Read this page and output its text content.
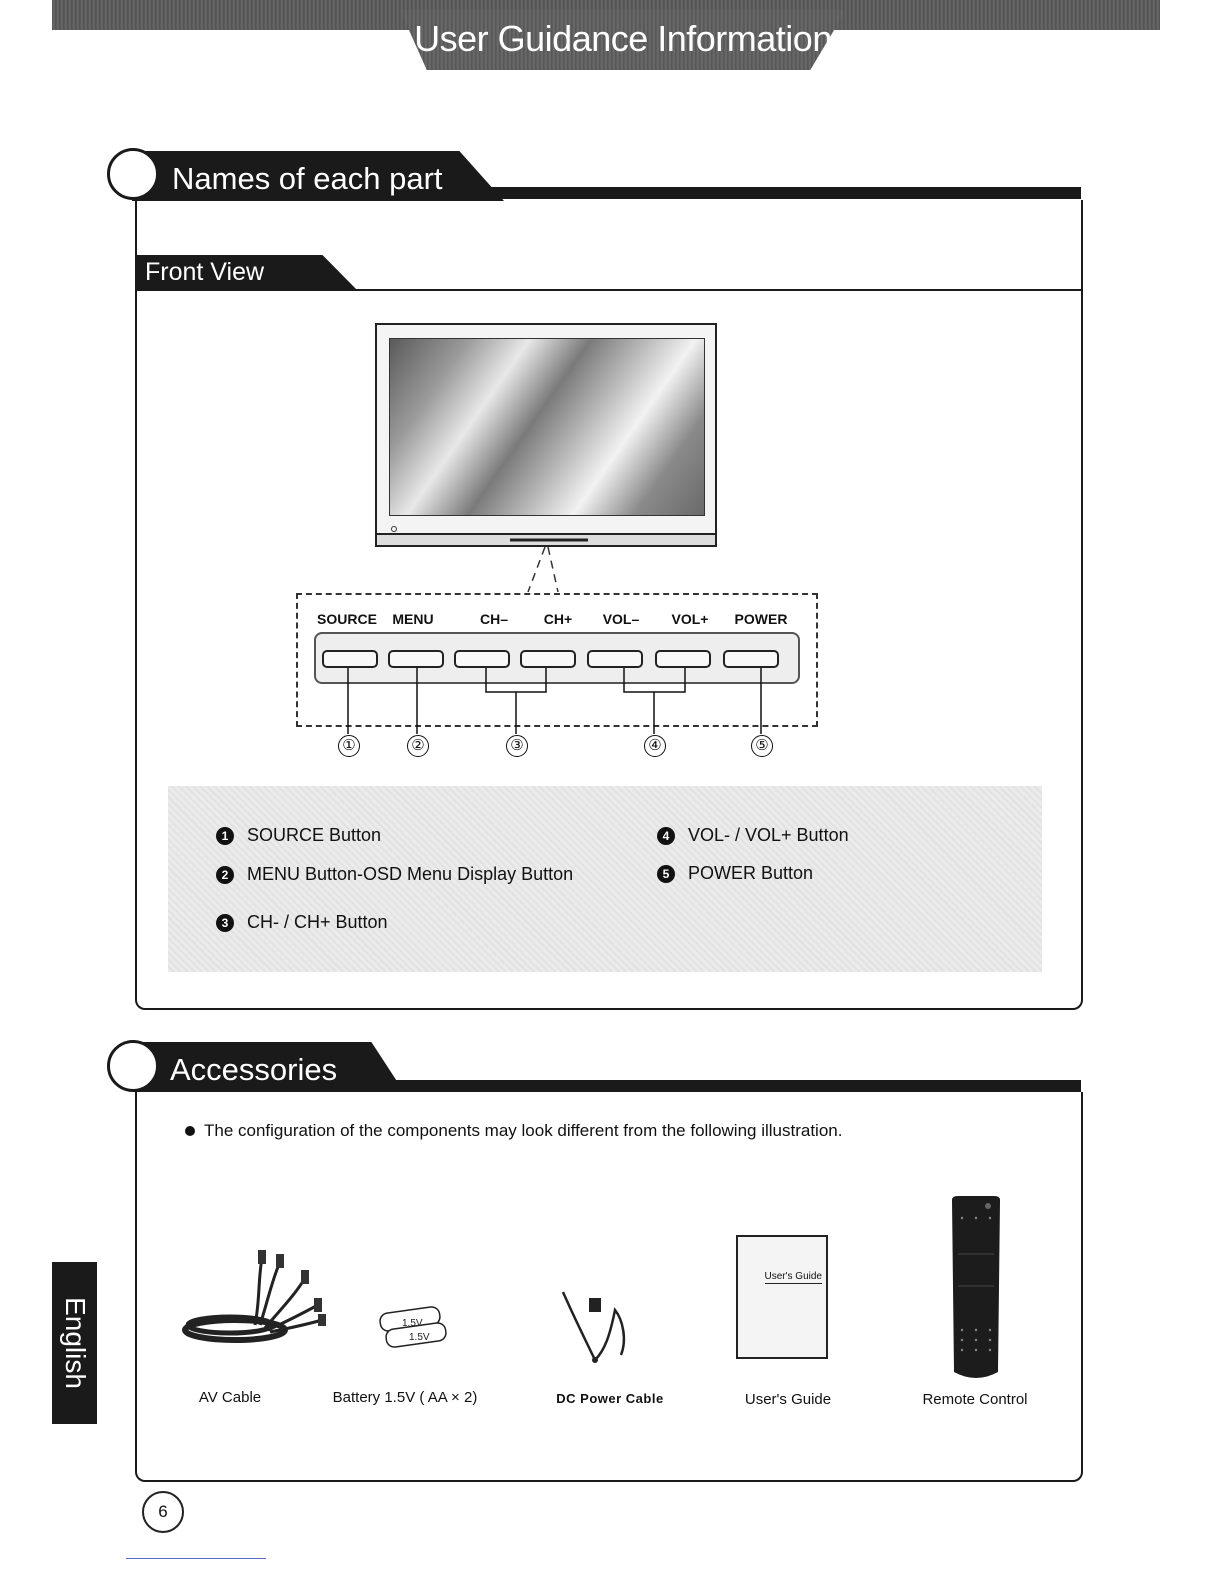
User Guidance Information
Names of each part
Front View
SOURCE	MENU	CH–	CH+	VOL–	VOL+	POWER
①	②	③	④	⑤
1	SOURCE Button
2	MENU Button-OSD Menu Display Button
3	CH- / CH+ Button
4	VOL- / VOL+ Button
5	POWER Button
Accessories
The configuration of the components may look different from the following illustration.
AV Cable
1.5V
1.5V
Battery 1.5V ( AA × 2)	DC Power Cable
User's Guide
User's Guide	Remote Control
English
6
